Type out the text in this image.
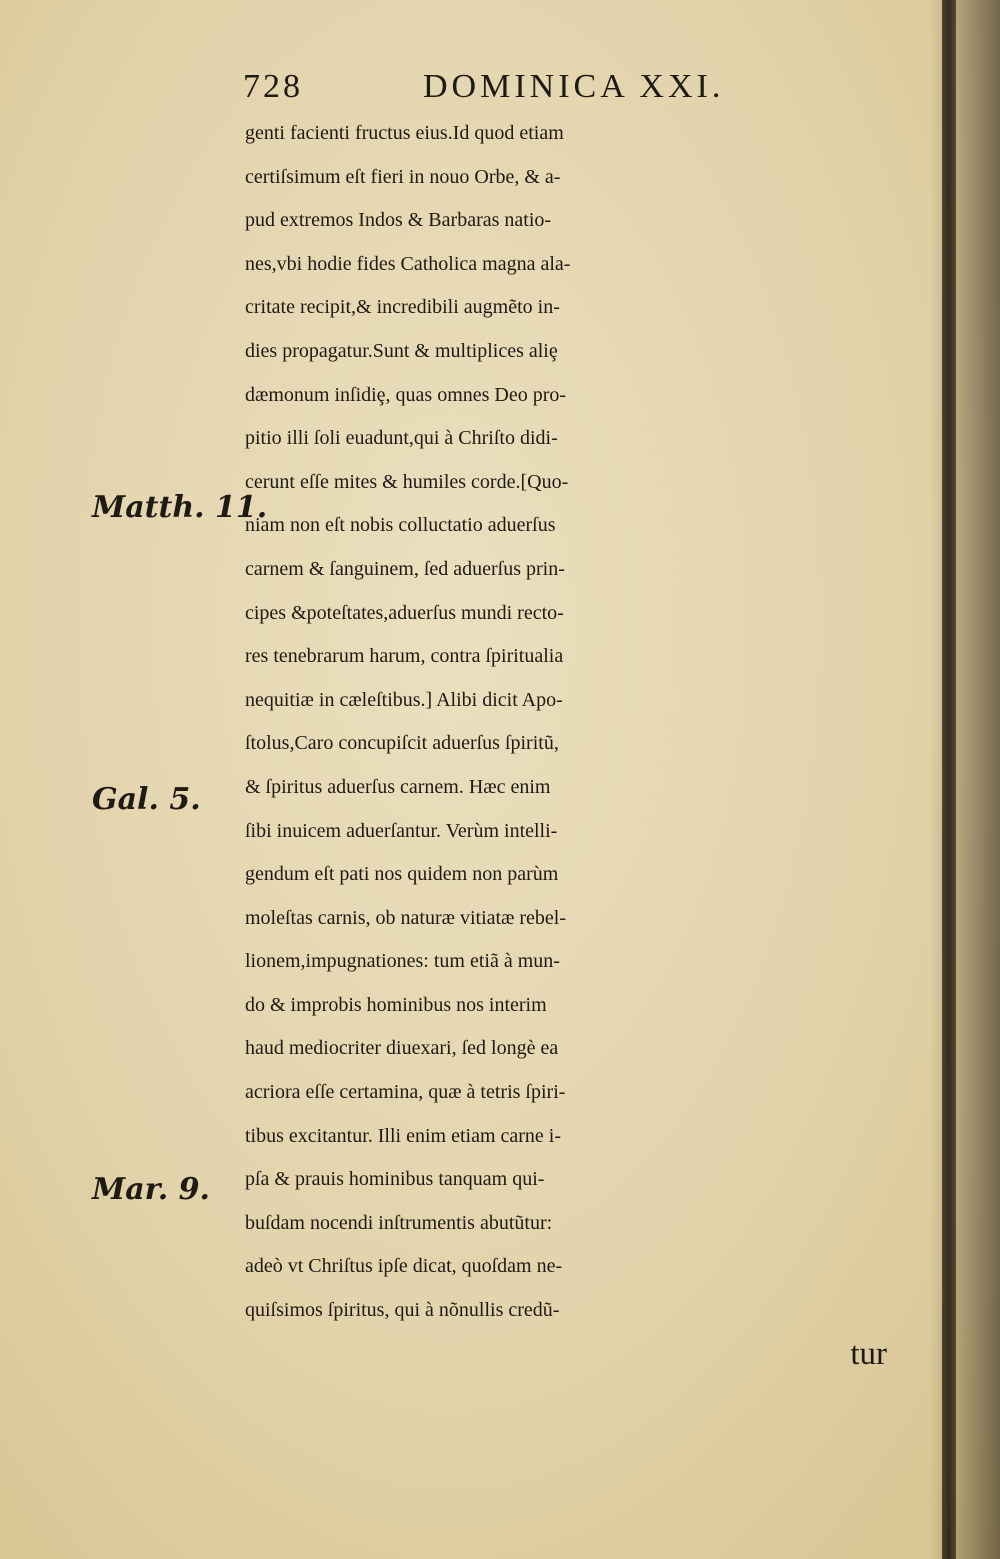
728	DOMINICA XXI.
Matth. 11.
Gal. 5.
Mar. 9.
genti facienti fructus eius.Id quod etiam
certiſsimum eſt fieri in nouo Orbe, & a-
pud extremos Indos & Barbaras natio-
nes,vbi hodie fides Catholica magna ala-
critate recipit,& incredibili augmẽto in-
dies propagatur.Sunt & multiplices aliȩ
dæmonum inſidiȩ, quas omnes Deo pro-
pitio illi ſoli euadunt,qui à Chriſto didi-
cerunt eſſe mites & humiles corde.[Quo-
niam non eſt nobis colluctatio aduerſus
carnem & ſanguinem, ſed aduerſus prin-
cipes &poteſtates,aduerſus mundi recto-
res tenebrarum harum, contra ſpiritualia
nequitiæ in cæleſtibus.] Alibi dicit Apo-
ſtolus,Caro concupiſcit aduerſus ſpiritũ,
& ſpiritus aduerſus carnem. Hæc enim
ſibi inuicem aduerſantur. Verùm intelli-
gendum eſt pati nos quidem non parùm
moleſtas carnis, ob naturæ vitiatæ rebel-
lionem,impugnationes: tum etiã à mun-
do & improbis hominibus nos interim
haud mediocriter diuexari, ſed longè ea
acriora eſſe certamina, quæ à tetris ſpiri-
tibus excitantur. Illi enim etiam carne i-
pſa & prauis hominibus tanquam qui-
buſdam nocendi inſtrumentis abutũtur:
adeò vt Chriſtus ipſe dicat, quoſdam ne-
quiſsimos ſpiritus, qui à nõnullis credũ-
tur
